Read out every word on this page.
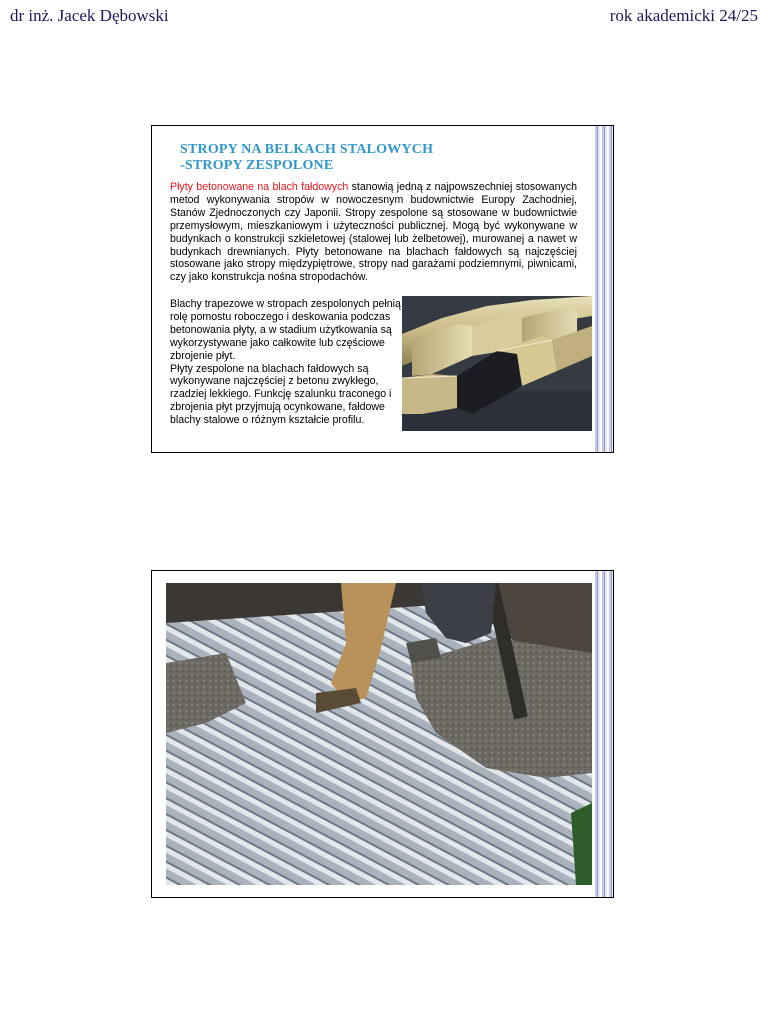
dr inż. Jacek Dębowski	rok akademicki 24/25
STROPY NA BELKACH STALOWYCH
-STROPY ZESPOLONE
Płyty betonowane na blach fałdowych stanowią jedną z najpowszechniej stosowanych metod wykonywania stropów w nowoczesnym budownictwie Europy Zachodniej, Stanów Zjednoczonych czy Japonii. Stropy zespolone są stosowane w budownictwie przemysłowym, mieszkaniowym i użyteczności publicznej. Mogą być wykonywane w budynkach o konstrukcji szkieletowej (stalowej lub żelbetowej), murowanej a nawet w budynkach drewnianych. Płyty betonowane na blachach fałdowych są najczęściej stosowane jako stropy międzypiętrowe, stropy nad garażami podziemnymi, piwnicami, czy jako konstrukcja nośna stropodachów.

Blachy trapezowe w stropach zespolonych pełnią rolę pomostu roboczego i deskowania podczas betonowania płyty, a w stadium użytkowania są wykorzystywane jako całkowite lub częściowe zbrojenie płyt.

Płyty zespolone na blachach fałdowych są wykonywane najczęściej z betonu zwykłego, rzadziej lekkiego. Funkcję szalunku traconego i zbrojenia płyt przyjmują ocynkowane, fałdowe blachy stalowe o różnym kształcie profilu.
